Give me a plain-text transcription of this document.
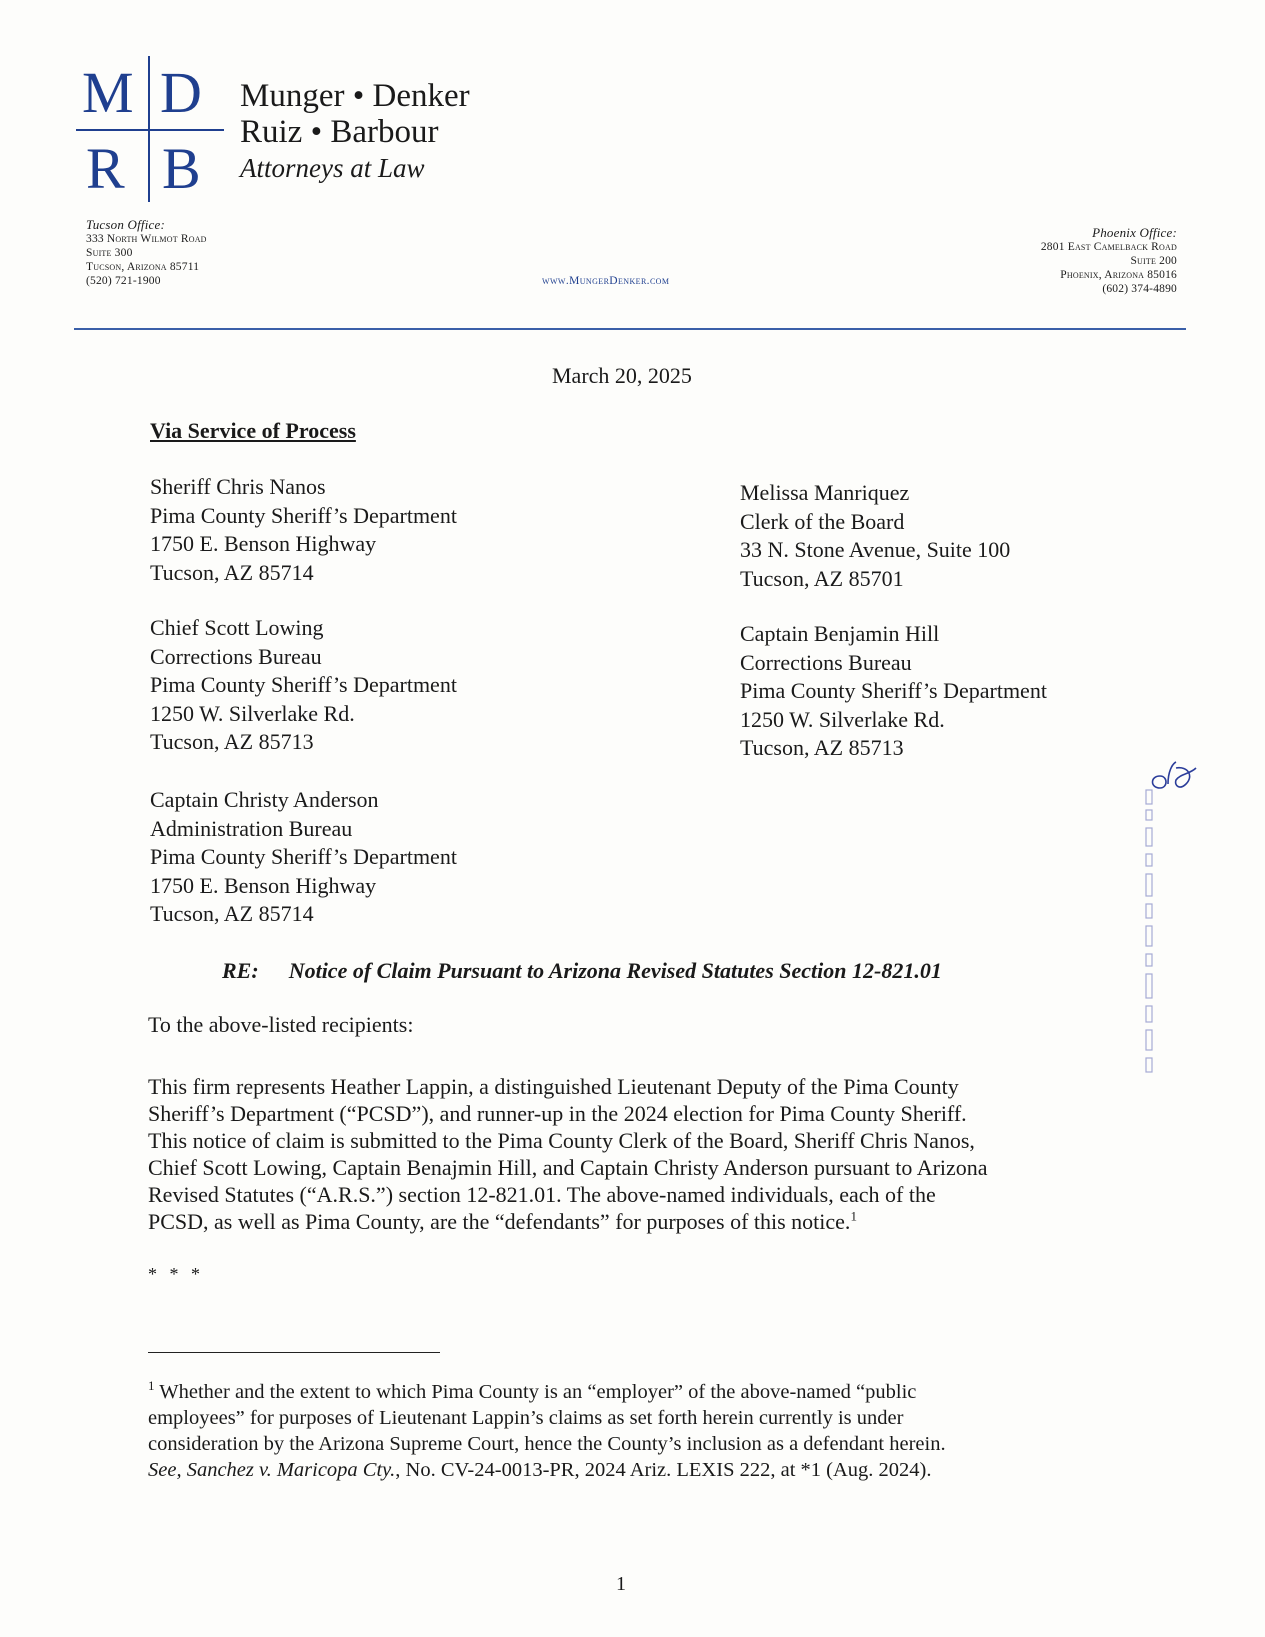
M D
R B
Munger • Denker
Ruiz • Barbour
Attorneys at Law
Tucson Office:
333 North Wilmot Road
Suite 300
Tucson, Arizona 85711
(520) 721-1900	www.MungerDenker.com
Phoenix Office:
2801 East Camelback Road
Suite 200
Phoenix, Arizona 85016
(602) 374-4890
March 20, 2025
Via Service of Process
Sheriff Chris Nanos
Pima County Sheriff’s Department
1750 E. Benson Highway
Tucson, AZ 85714
Melissa Manriquez
Clerk of the Board
33 N. Stone Avenue, Suite 100
Tucson, AZ 85701
Chief Scott Lowing
Corrections Bureau
Pima County Sheriff’s Department
1250 W. Silverlake Rd.
Tucson, AZ 85713
Captain Benjamin Hill
Corrections Bureau
Pima County Sheriff’s Department
1250 W. Silverlake Rd.
Tucson, AZ 85713
Captain Christy Anderson
Administration Bureau
Pima County Sheriff’s Department
1750 E. Benson Highway
Tucson, AZ 85714
RE: Notice of Claim Pursuant to Arizona Revised Statutes Section 12-821.01
To the above-listed recipients:
This firm represents Heather Lappin, a distinguished Lieutenant Deputy of the Pima County
Sheriff’s Department (“PCSD”), and runner-up in the 2024 election for Pima County Sheriff.
This notice of claim is submitted to the Pima County Clerk of the Board, Sheriff Chris Nanos,
Chief Scott Lowing, Captain Benajmin Hill, and Captain Christy Anderson pursuant to Arizona
Revised Statutes (“A.R.S.”) section 12-821.01. The above-named individuals, each of the
PCSD, as well as Pima County, are the “defendants” for purposes of this notice.$^1$
* * *
$^1$ Whether and the extent to which Pima County is an “employer” of the above-named “public
employees” for purposes of Lieutenant Lappin’s claims as set forth herein currently is under
consideration by the Arizona Supreme Court, hence the County’s inclusion as a defendant herein.
See, Sanchez v. Maricopa Cty., No. CV-24-0013-PR, 2024 Ariz. LEXIS 222, at *1 (Aug. 2024).
1
